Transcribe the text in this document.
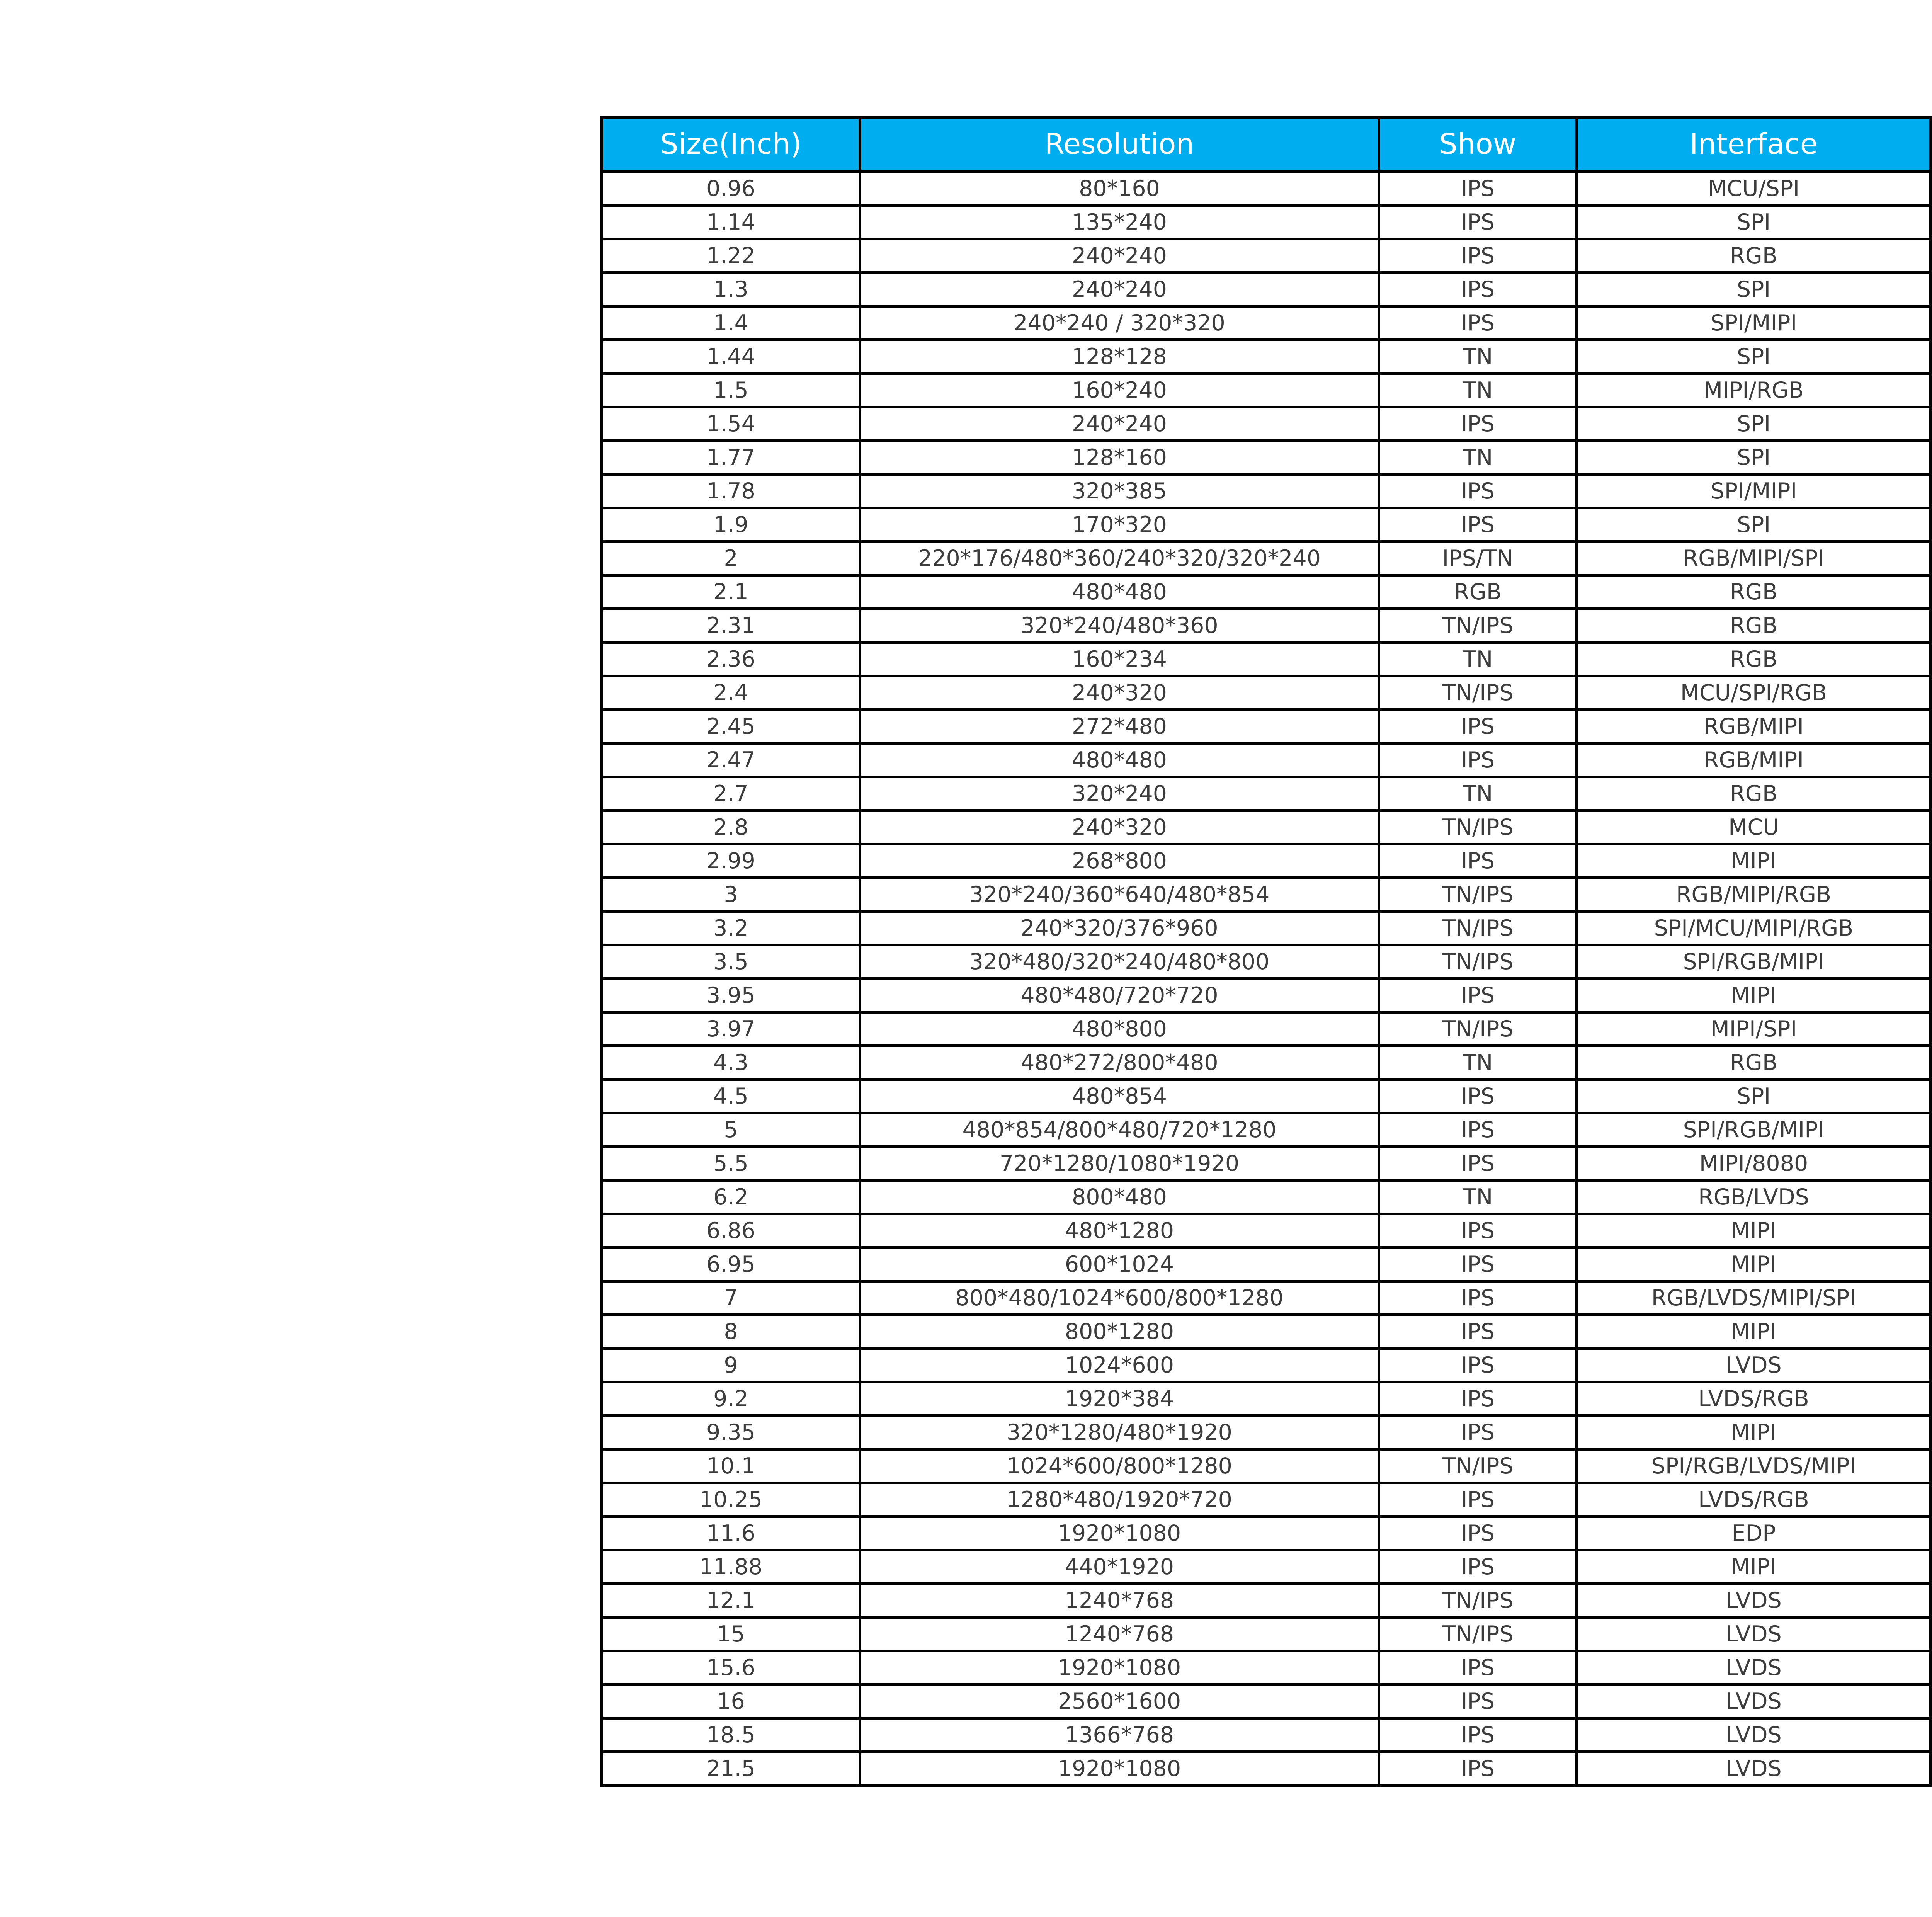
Size(Inch)	Resolution	Show	Interface	
0.96	80*160	IPS	MCU/SPI	
1.14	135*240	IPS	SPI	
1.22	240*240	IPS	RGB	
1.3	240*240	IPS	SPI	
1.4	240*240 / 320*320	IPS	SPI/MIPI	
1.44	128*128	TN	SPI	
1.5	160*240	TN	MIPI/RGB	
1.54	240*240	IPS	SPI	
1.77	128*160	TN	SPI	
1.78	320*385	IPS	SPI/MIPI	
1.9	170*320	IPS	SPI	
2	220*176/480*360/240*320/320*240	IPS/TN	RGB/MIPI/SPI	
2.1	480*480	RGB	RGB	
2.31	320*240/480*360	TN/IPS	RGB	
2.36	160*234	TN	RGB	
2.4	240*320	TN/IPS	MCU/SPI/RGB	
2.45	272*480	IPS	RGB/MIPI	
2.47	480*480	IPS	RGB/MIPI	
2.7	320*240	TN	RGB	
2.8	240*320	TN/IPS	MCU	
2.99	268*800	IPS	MIPI	
3	320*240/360*640/480*854	TN/IPS	RGB/MIPI/RGB	
3.2	240*320/376*960	TN/IPS	SPI/MCU/MIPI/RGB	
3.5	320*480/320*240/480*800	TN/IPS	SPI/RGB/MIPI	
3.95	480*480/720*720	IPS	MIPI	
3.97	480*800	TN/IPS	MIPI/SPI	
4.3	480*272/800*480	TN	RGB	
4.5	480*854	IPS	SPI	
5	480*854/800*480/720*1280	IPS	SPI/RGB/MIPI	
5.5	720*1280/1080*1920	IPS	MIPI/8080	
6.2	800*480	TN	RGB/LVDS	
6.86	480*1280	IPS	MIPI	
6.95	600*1024	IPS	MIPI	
7	800*480/1024*600/800*1280	IPS	RGB/LVDS/MIPI/SPI	
8	800*1280	IPS	MIPI	
9	1024*600	IPS	LVDS	
9.2	1920*384	IPS	LVDS/RGB	
9.35	320*1280/480*1920	IPS	MIPI	
10.1	1024*600/800*1280	TN/IPS	SPI/RGB/LVDS/MIPI	
10.25	1280*480/1920*720	IPS	LVDS/RGB	
11.6	1920*1080	IPS	EDP	
11.88	440*1920	IPS	MIPI	
12.1	1240*768	TN/IPS	LVDS	
15	1240*768	TN/IPS	LVDS	
15.6	1920*1080	IPS	LVDS	
16	2560*1600	IPS	LVDS	
18.5	1366*768	IPS	LVDS	
21.5	1920*1080	IPS	LVDS	
